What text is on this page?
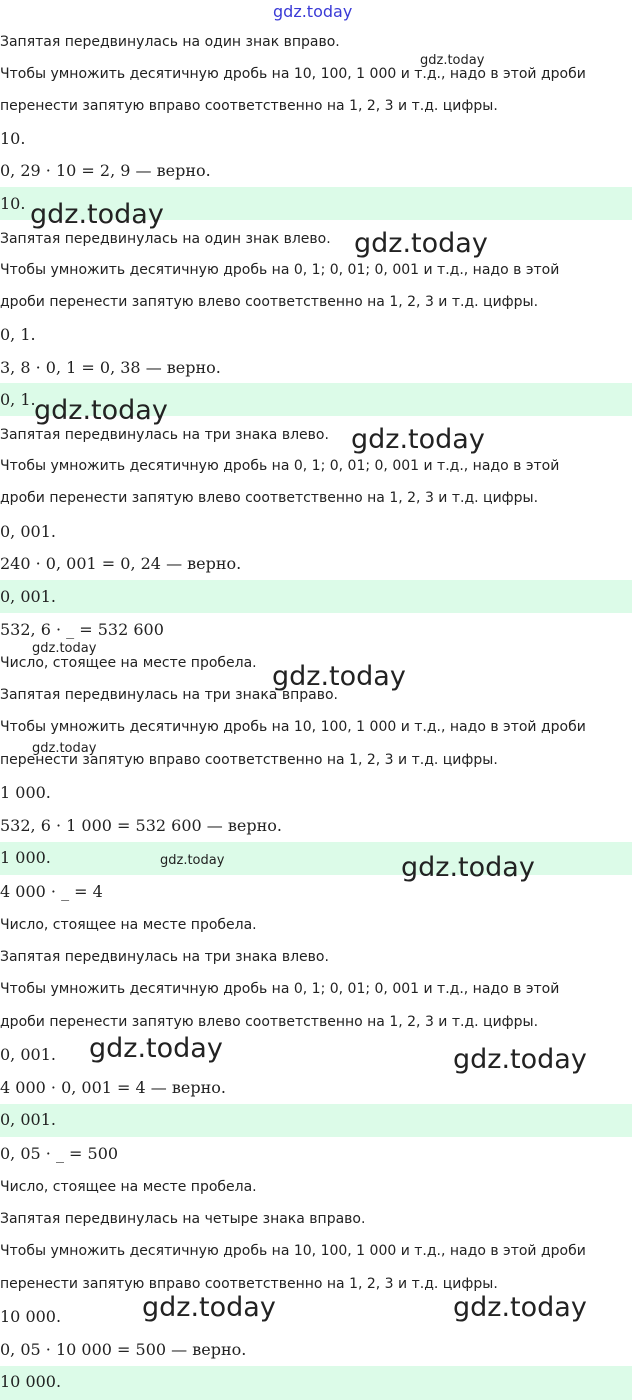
gdz.today
Запятая передвинулась на один знак вправо.
Чтобы умножить десятичную дробь на 10, 100, 1 000 и т.д., надо в этой дроби
перенести запятую вправо соответственно на 1, 2, 3 и т.д. цифры.
10.
0, 29 · 10 = 2, 9 — верно.
10.
Запятая передвинулась на один знак влево.
Чтобы умножить десятичную дробь на 0, 1; 0, 01; 0, 001 и т.д., надо в этой
дроби перенести запятую влево соответственно на 1, 2, 3 и т.д. цифры.
0, 1.
3, 8 · 0, 1 = 0, 38 — верно.
0, 1.
Запятая передвинулась на три знака влево.
Чтобы умножить десятичную дробь на 0, 1; 0, 01; 0, 001 и т.д., надо в этой
дроби перенести запятую влево соответственно на 1, 2, 3 и т.д. цифры.
0, 001.
240 · 0, 001 = 0, 24 — верно.
0, 001.
532, 6 · _ = 532 600
Число, стоящее на месте пробела.
Запятая передвинулась на три знака вправо.
Чтобы умножить десятичную дробь на 10, 100, 1 000 и т.д., надо в этой дроби
перенести запятую вправо соответственно на 1, 2, 3 и т.д. цифры.
1 000.
532, 6 · 1 000 = 532 600 — верно.
1 000.
4 000 · _ = 4
Число, стоящее на месте пробела.
Запятая передвинулась на три знака влево.
Чтобы умножить десятичную дробь на 0, 1; 0, 01; 0, 001 и т.д., надо в этой
дроби перенести запятую влево соответственно на 1, 2, 3 и т.д. цифры.
0, 001.
4 000 · 0, 001 = 4 — верно.
0, 001.
0, 05 · _ = 500
Число, стоящее на месте пробела.
Запятая передвинулась на четыре знака вправо.
Чтобы умножить десятичную дробь на 10, 100, 1 000 и т.д., надо в этой дроби
перенести запятую вправо соответственно на 1, 2, 3 и т.д. цифры.
10 000.
0, 05 · 10 000 = 500 — верно.
10 000.
gdz.today
gdz.today
gdz.today
gdz.today
gdz.today
gdz.today
gdz.today
gdz.today
gdz.today	gdz.today
gdz.today	gdz.today
gdz.today	gdz.today
